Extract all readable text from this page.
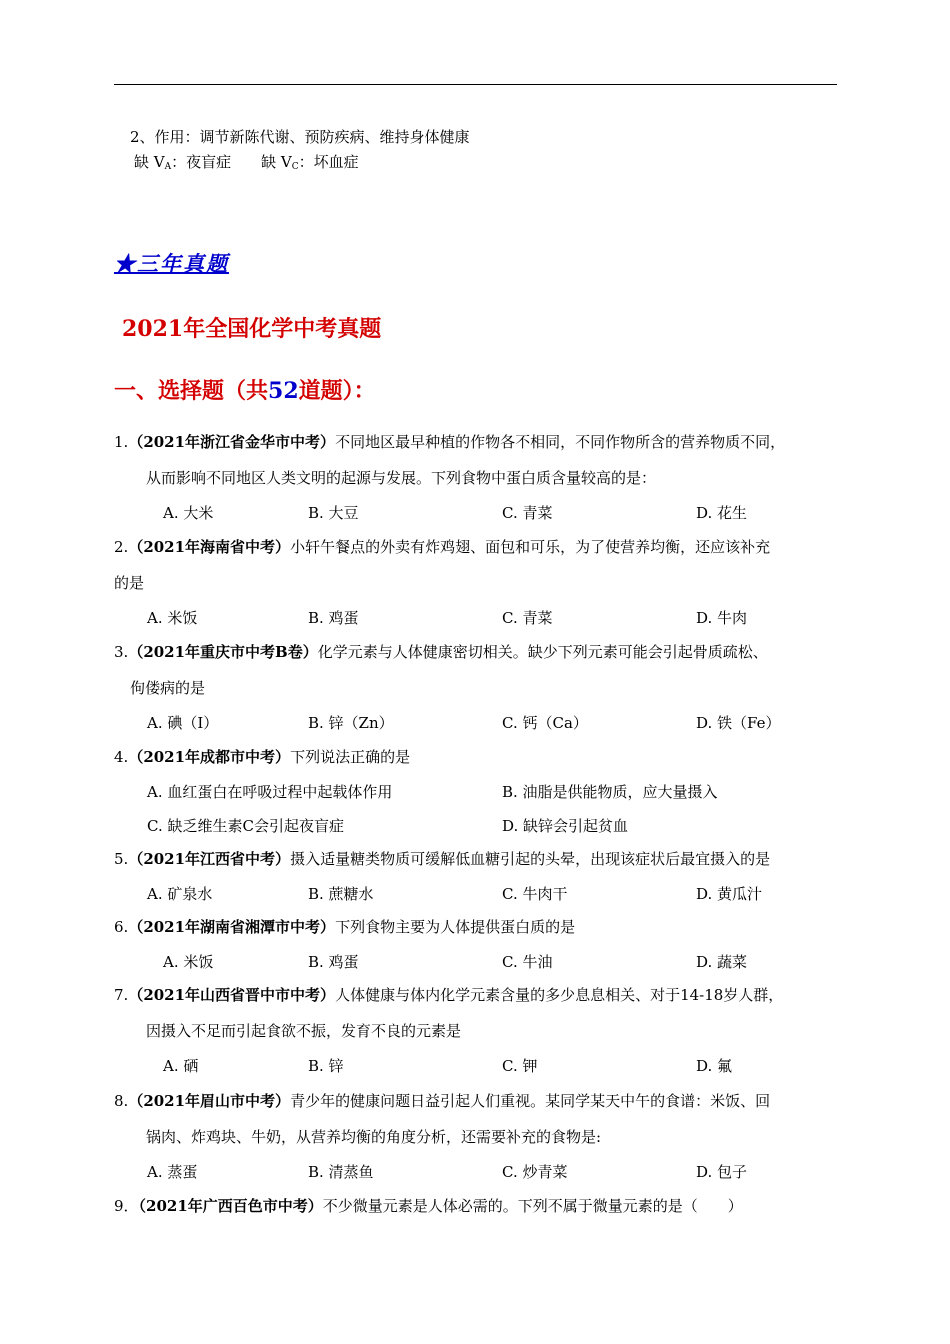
2、作用：调节新陈代谢、预防疾病、维持身体健康
缺 $V_A$：夜盲症　　缺 $V_C$：坏血症
★三年真题
2021年全国化学中考真题
一、选择题（共52道题）：
1.（2021年浙江省金华市中考）不同地区最早种植的作物各不相同，不同作物所含的营养物质不同，
从而影响不同地区人类文明的起源与发展。下列食物中蛋白质含量较高的是：
A. 大米	B. 大豆	C. 青菜	D. 花生
2.（2021年海南省中考）小轩午餐点的外卖有炸鸡翅、面包和可乐，为了使营养均衡，还应该补充
的是
A. 米饭	B. 鸡蛋	C. 青菜	D. 牛肉
3.（2021年重庆市中考B卷）化学元素与人体健康密切相关。缺少下列元素可能会引起骨质疏松、
佝偻病的是
A. 碘（I）	B. 锌（Zn）	C. 钙（Ca）	D. 铁（Fe）
4.（2021年成都市中考）下列说法正确的是
A. 血红蛋白在呼吸过程中起载体作用	B. 油脂是供能物质，应大量摄入
C. 缺乏维生素C会引起夜盲症	D. 缺锌会引起贫血
5.（2021年江西省中考）摄入适量糖类物质可缓解低血糖引起的头晕，出现该症状后最宜摄入的是
A. 矿泉水	B. 蔗糖水	C. 牛肉干	D. 黄瓜汁
6.（2021年湖南省湘潭市中考）下列食物主要为人体提供蛋白质的是
A. 米饭	B. 鸡蛋	C. 牛油	D. 蔬菜
7.（2021年山西省晋中市中考）人体健康与体内化学元素含量的多少息息相关、对于14-18岁人群，
因摄入不足而引起食欲不振，发育不良的元素是
A. 硒	B. 锌	C. 钾	D. 氟
8.（2021年眉山市中考）青少年的健康问题日益引起人们重视。某同学某天中午的食谱：米饭、回
锅肉、炸鸡块、牛奶，从营养均衡的角度分析，还需要补充的食物是:
A. 蒸蛋	B. 清蒸鱼	C. 炒青菜	D. 包子
9．（2021年广西百色市中考）不少微量元素是人体必需的。下列不属于微量元素的是（　　）
